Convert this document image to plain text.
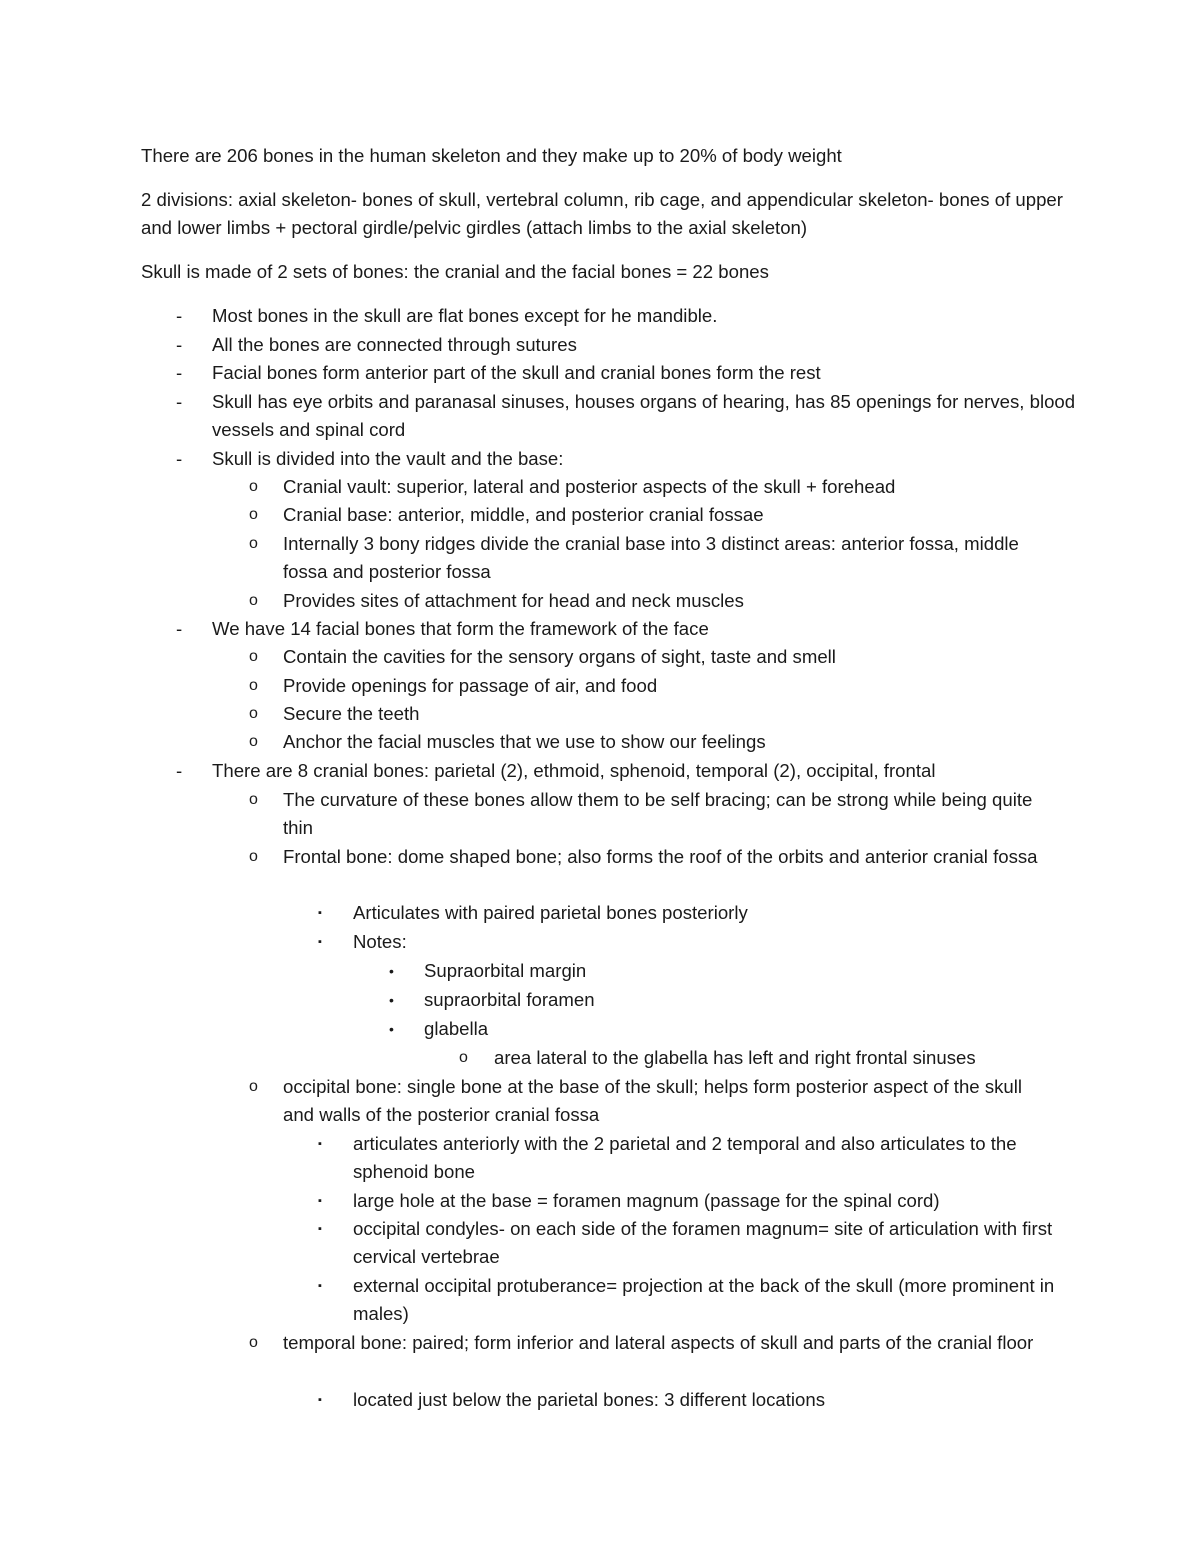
There are 206 bones in the human skeleton and they make up to 20% of body weight

2 divisions: axial skeleton- bones of skull, vertebral column, rib cage, and appendicular skeleton- bones of upper and lower limbs + pectoral girdle/pelvic girdles (attach limbs to the axial skeleton)

Skull is made of 2 sets of bones: the cranial and the facial bones = 22 bones

-	Most bones in the skull are flat bones except for he mandible.
-	All the bones are connected through sutures
-	Facial bones form anterior part of the skull and cranial bones form the rest
-	Skull has eye orbits and paranasal sinuses, houses organs of hearing, has 85 openings for nerves, blood vessels and spinal cord
-	Skull is divided into the vault and the base:
o	Cranial vault: superior, lateral and posterior aspects of the skull + forehead
o	Cranial base: anterior, middle, and posterior cranial fossae
o	Internally 3 bony ridges divide the cranial base into 3 distinct areas: anterior fossa, middle fossa and posterior fossa
o	Provides sites of attachment for head and neck muscles
-	We have 14 facial bones that form the framework of the face
o	Contain the cavities for the sensory organs of sight, taste and smell
o	Provide openings for passage of air, and food
o	Secure the teeth
o	Anchor the facial muscles that we use to show our feelings
-	There are 8 cranial bones: parietal (2), ethmoid, sphenoid, temporal (2), occipital, frontal
o	The curvature of these bones allow them to be self bracing; can be strong while being quite thin
o	Frontal bone: dome shaped bone; also forms the roof of the orbits and anterior cranial fossa
▪	Articulates with paired parietal bones posteriorly
▪	Notes:
•	Supraorbital margin
•	supraorbital foramen
•	glabella
o	area lateral to the glabella has left and right frontal sinuses
o	occipital bone: single bone at the base of the skull; helps form posterior aspect of the skull and walls of the posterior cranial fossa
▪	articulates anteriorly with the 2 parietal and 2 temporal and also articulates to the sphenoid bone
▪	large hole at the base = foramen magnum (passage for the spinal cord)
▪	occipital condyles- on each side of the foramen magnum= site of articulation with first cervical vertebrae
▪	external occipital protuberance= projection at the back of the skull (more prominent in males)
o	temporal bone: paired; form inferior and lateral aspects of skull and parts of the cranial floor
▪	located just below the parietal bones: 3 different locations
